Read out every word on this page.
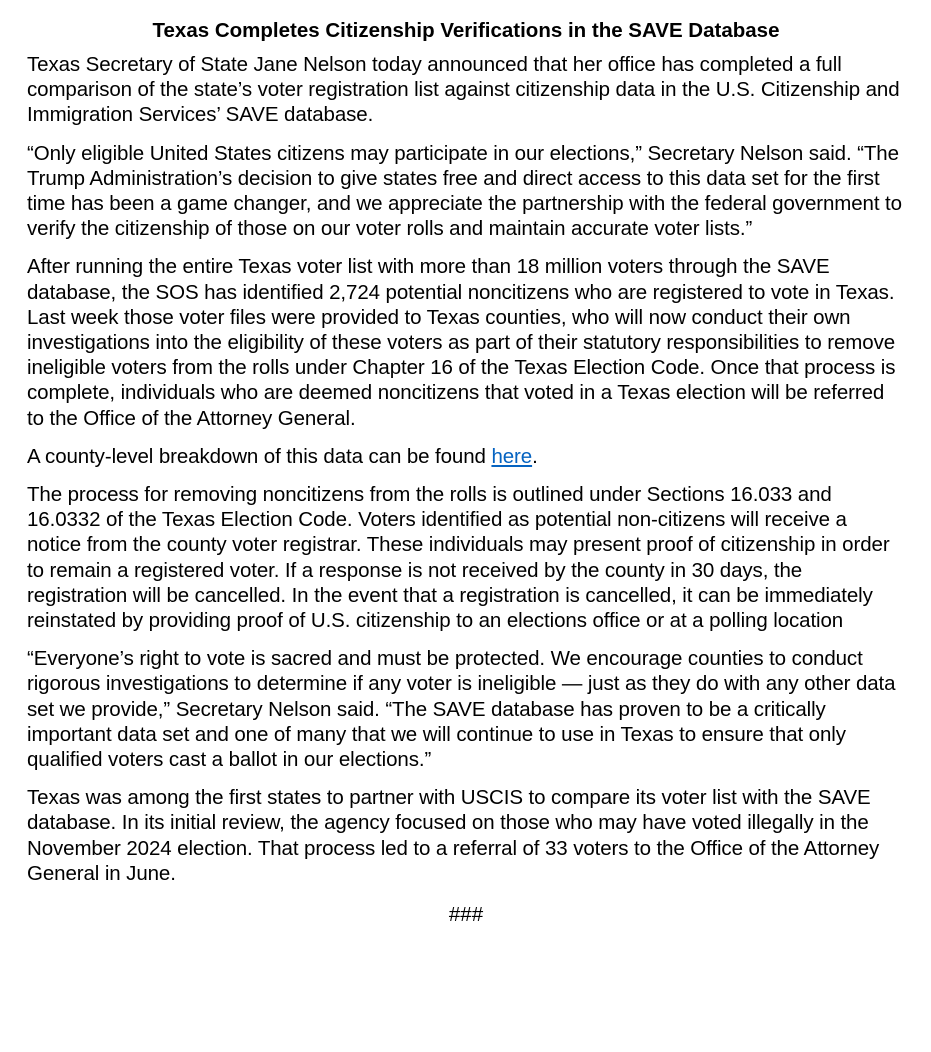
Texas Completes Citizenship Verifications in the SAVE Database

Texas Secretary of State Jane Nelson today announced that her office has completed a full comparison of the state’s voter registration list against citizenship data in the U.S. Citizenship and Immigration Services’ SAVE database.

“Only eligible United States citizens may participate in our elections,” Secretary Nelson said. “The Trump Administration’s decision to give states free and direct access to this data set for the first time has been a game changer, and we appreciate the partnership with the federal government to verify the citizenship of those on our voter rolls and maintain accurate voter lists.”

After running the entire Texas voter list with more than 18 million voters through the SAVE database, the SOS has identified 2,724 potential noncitizens who are registered to vote in Texas. Last week those voter files were provided to Texas counties, who will now conduct their own investigations into the eligibility of these voters as part of their statutory responsibilities to remove ineligible voters from the rolls under Chapter 16 of the Texas Election Code. Once that process is complete, individuals who are deemed noncitizens that voted in a Texas election will be referred to the Office of the Attorney General.

A county-level breakdown of this data can be found here.

The process for removing noncitizens from the rolls is outlined under Sections 16.033 and 16.0332 of the Texas Election Code. Voters identified as potential non-citizens will receive a notice from the county voter registrar. These individuals may present proof of citizenship in order to remain a registered voter. If a response is not received by the county in 30 days, the registration will be cancelled. In the event that a registration is cancelled, it can be immediately reinstated by providing proof of U.S. citizenship to an elections office or at a polling location

“Everyone’s right to vote is sacred and must be protected. We encourage counties to conduct rigorous investigations to determine if any voter is ineligible — just as they do with any other data set we provide,” Secretary Nelson said. “The SAVE database has proven to be a critically important data set and one of many that we will continue to use in Texas to ensure that only qualified voters cast a ballot in our elections.”

Texas was among the first states to partner with USCIS to compare its voter list with the SAVE database. In its initial review, the agency focused on those who may have voted illegally in the November 2024 election. That process led to a referral of 33 voters to the Office of the Attorney General in June.

###
